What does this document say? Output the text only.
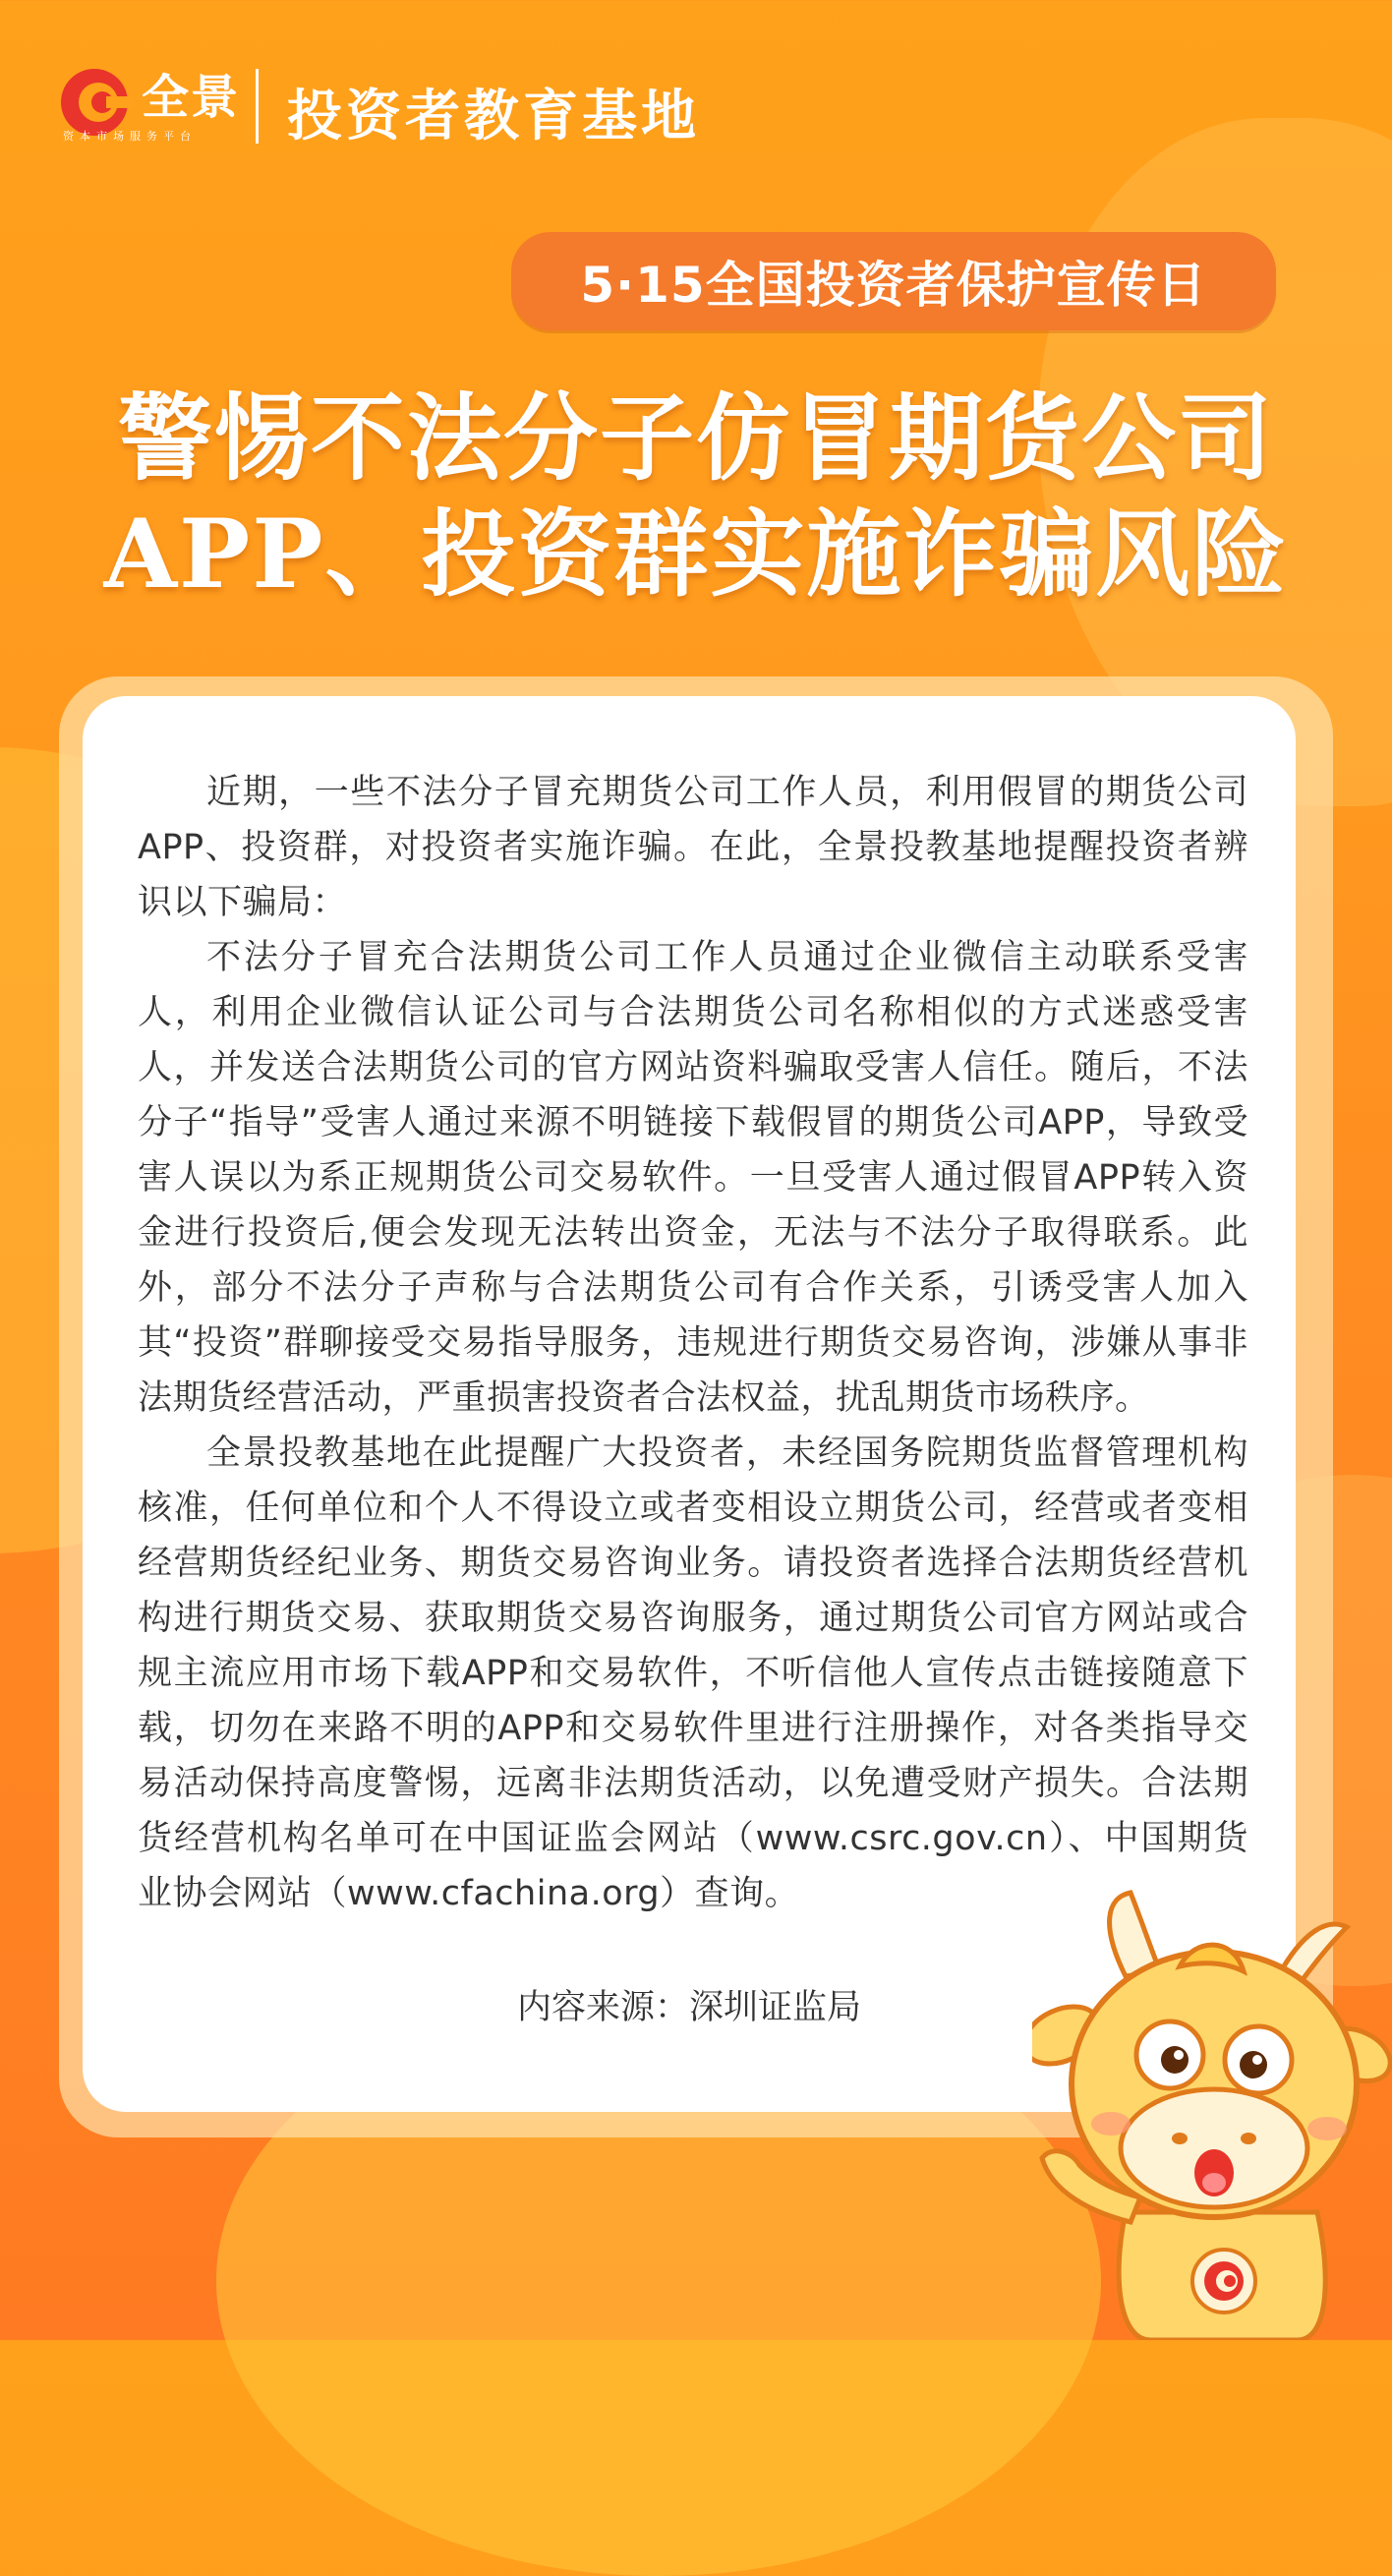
全景
资本市场服务平台 投资者教育基地
5·15全国投资者保护宣传日
警惕不法分子仿冒期货公司
APP、投资群实施诈骗风险

近期，一些不法分子冒充期货公司工作人员，利用假冒的期货公司APP、投资群，对投资者实施诈骗。在此，全景投教基地提醒投资者辨识以下骗局：

不法分子冒充合法期货公司工作人员通过企业微信主动联系受害人，利用企业微信认证公司与合法期货公司名称相似的方式迷惑受害人，并发送合法期货公司的官方网站资料骗取受害人信任。随后，不法分子“指导”受害人通过来源不明链接下载假冒的期货公司APP，导致受害人误以为系正规期货公司交易软件。一旦受害人通过假冒APP转入资金进行投资后,便会发现无法转出资金，无法与不法分子取得联系。此外，部分不法分子声称与合法期货公司有合作关系，引诱受害人加入其“投资”群聊接受交易指导服务，违规进行期货交易咨询，涉嫌从事非法期货经营活动，严重损害投资者合法权益，扰乱期货市场秩序。

全景投教基地在此提醒广大投资者，未经国务院期货监督管理机构核准，任何单位和个人不得设立或者变相设立期货公司，经营或者变相经营期货经纪业务、期货交易咨询业务。请投资者选择合法期货经营机构进行期货交易、获取期货交易咨询服务，通过期货公司官方网站或合规主流应用市场下载APP和交易软件，不听信他人宣传点击链接随意下载，切勿在来路不明的APP和交易软件里进行注册操作，对各类指导交易活动保持高度警惕，远离非法期货活动，以免遭受财产损失。合法期货经营机构名单可在中国证监会网站（www.csrc.gov.cn）、中国期货业协会网站（www.cfachina.org）查询。

内容来源：深圳证监局
